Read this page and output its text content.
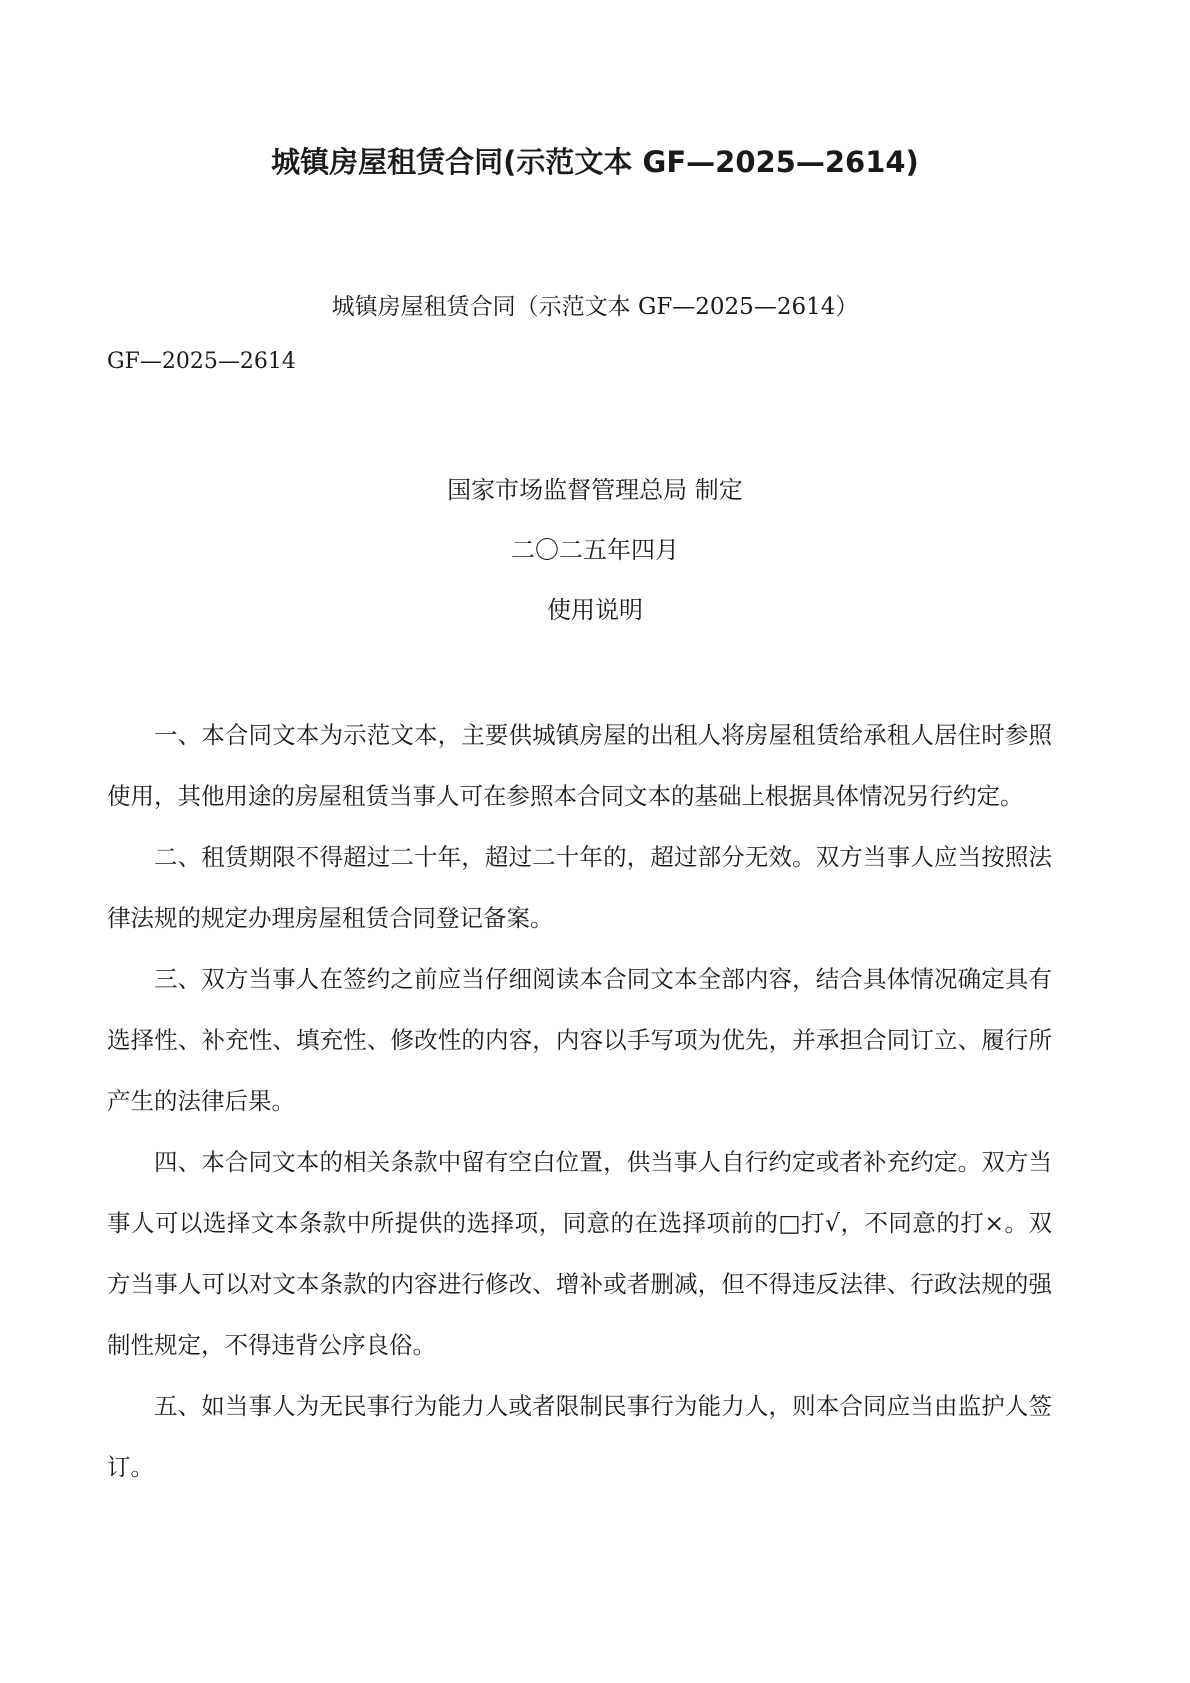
城镇房屋租赁合同(示范文本 GF—2025—2614)
城镇房屋租赁合同（示范文本 GF—2025—2614）
GF—2025—2614
国家市场监督管理总局 制定
二〇二五年四月
使用说明

一、本合同文本为示范文本，主要供城镇房屋的出租人将房屋租赁给承租人居住时参照使用，其他用途的房屋租赁当事人可在参照本合同文本的基础上根据具体情况另行约定。

二、租赁期限不得超过二十年，超过二十年的，超过部分无效。双方当事人应当按照法律法规的规定办理房屋租赁合同登记备案。

三、双方当事人在签约之前应当仔细阅读本合同文本全部内容，结合具体情况确定具有选择性、补充性、填充性、修改性的内容，内容以手写项为优先，并承担合同订立、履行所产生的法律后果。

四、本合同文本的相关条款中留有空白位置，供当事人自行约定或者补充约定。双方当事人可以选择文本条款中所提供的选择项，同意的在选择项前的□打√，不同意的打×。双方当事人可以对文本条款的内容进行修改、增补或者删减，但不得违反法律、行政法规的强制性规定，不得违背公序良俗。

五、如当事人为无民事行为能力人或者限制民事行为能力人，则本合同应当由监护人签订。
